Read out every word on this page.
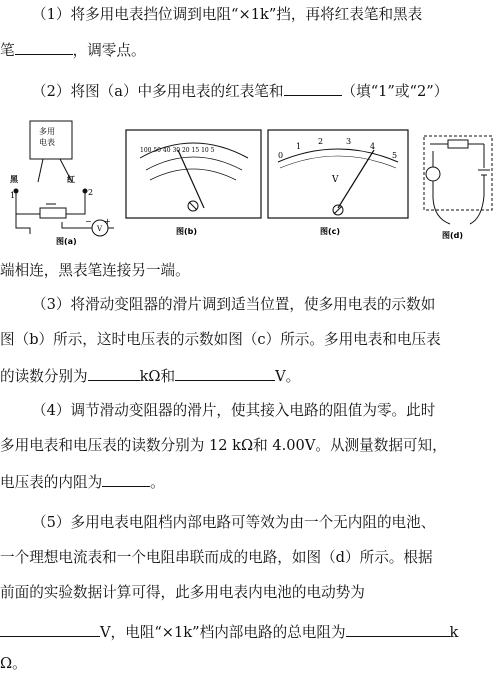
（1）将多用电表挡位调到电阻“×1k”挡，再将红表笔和黑表
笔	，调零点。
（2）将图（a）中多用电表的红表笔和	（填“1”或“2”）
多用
电表
黑	红
1	2
− +
V
图(a)
100 50 40 30 20 15 10 5
图(b)
0
1
2	3
4
5
V
图(c)	图(d)
端相连，黑表笔连接另一端。
（3）将滑动变阻器的滑片调到适当位置，使多用电表的示数如
图（b）所示，这时电压表的示数如图（c）所示。多用电表和电压表
的读数分别为	kΩ和	V。
（4）调节滑动变阻器的滑片，使其接入电路的阻值为零。此时
多用电表和电压表的读数分别为 12 kΩ和 4.00V。从测量数据可知，
电压表的内阻为	。
（5）多用电表电阻档内部电路可等效为由一个无内阻的电池、
一个理想电流表和一个电阻串联而成的电路，如图（d）所示。根据
前面的实验数据计算可得，此多用电表内电池的电动势为
V，电阻“×1k”档内部电路的总电阻为	k
Ω。
